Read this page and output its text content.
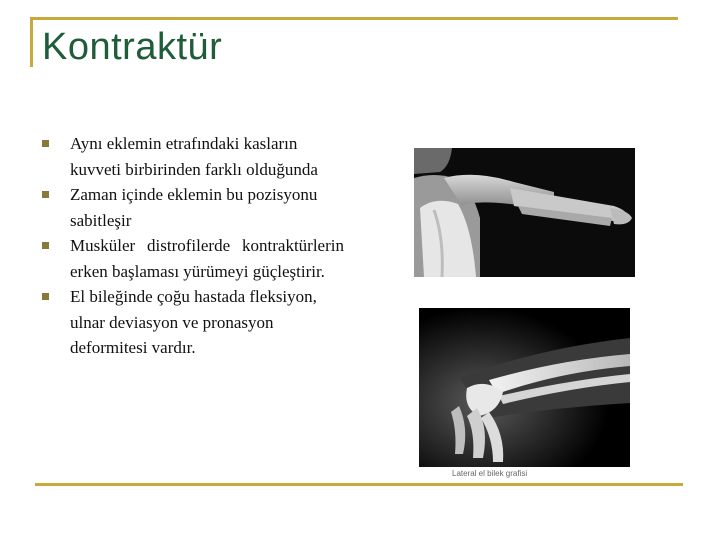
Kontraktür
Aynı eklemin etrafındaki kasların kuvveti birbirinden farklı olduğunda
Zaman içinde eklemin bu pozisyonu sabitleşir
Musküler distrofilerde kontraktürlerin erken başlaması yürümeyi güçleştirir.
El bileğinde çoğu hastada fleksiyon, ulnar deviasyon ve pronasyon deformitesi vardır.
Lateral el bilek grafisi
